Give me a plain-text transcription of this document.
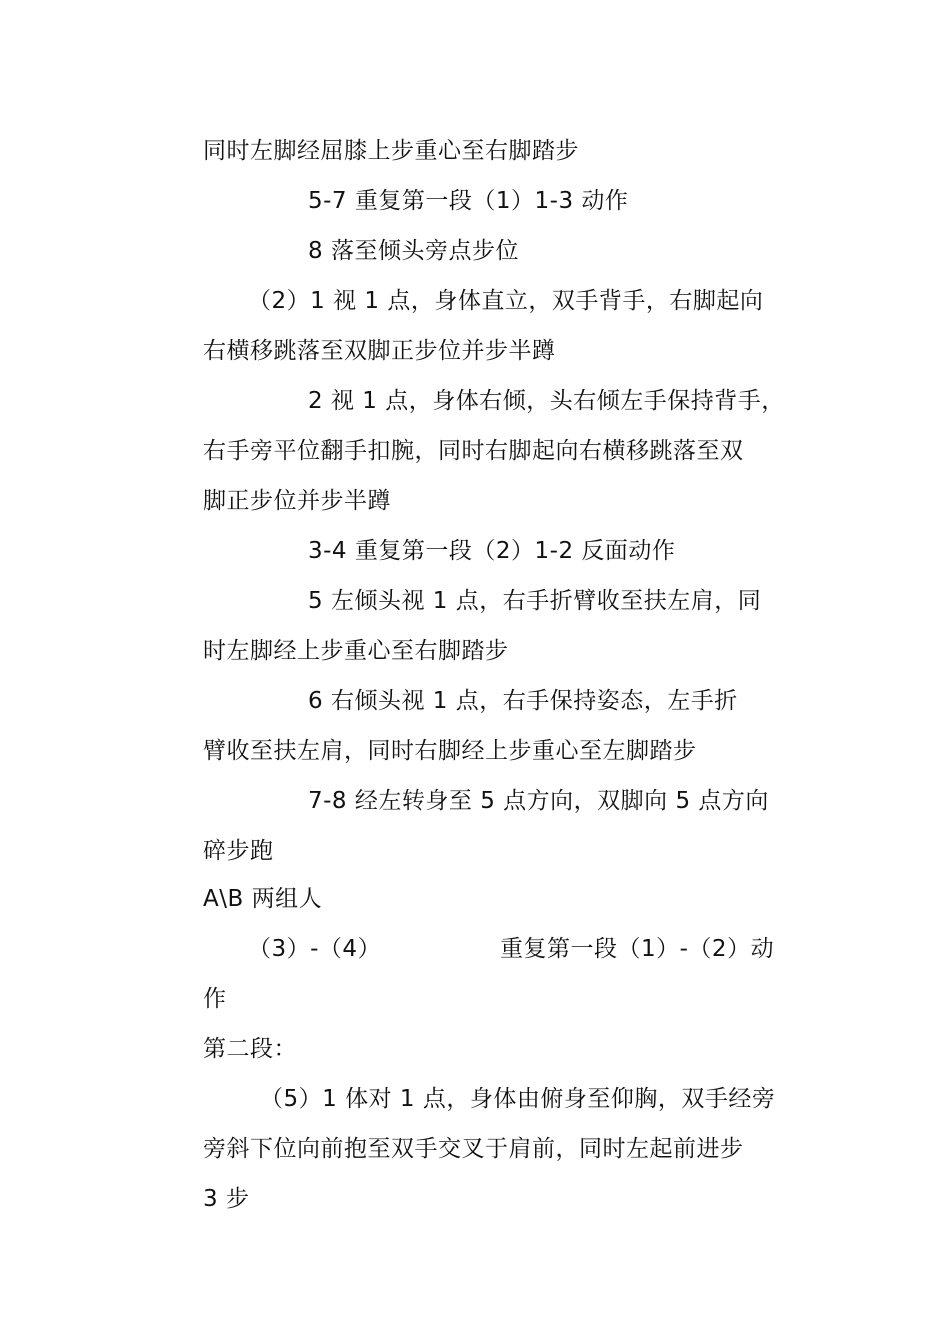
同时左脚经屈膝上步重心至右脚踏步
5-7 重复第一段（1）1-3 动作
8 落至倾头旁点步位
（2）1 视 1 点，身体直立，双手背手，右脚起向
右横移跳落至双脚正步位并步半蹲
2 视 1 点，身体右倾，头右倾左手保持背手，
右手旁平位翻手扣腕，同时右脚起向右横移跳落至双
脚正步位并步半蹲
3-4 重复第一段（2）1-2 反面动作
5 左倾头视 1 点，右手折臂收至扶左肩，同
时左脚经上步重心至右脚踏步
6 右倾头视 1 点，右手保持姿态，左手折
臂收至扶左肩，同时右脚经上步重心至左脚踏步
7-8 经左转身至 5 点方向，双脚向 5 点方向
碎步跑
A\B 两组人
（3）-（4）	重复第一段（1）-（2）动
作
第二段：
（5）1 体对 1 点，身体由俯身至仰胸，双手经旁
旁斜下位向前抱至双手交叉于肩前，同时左起前进步
3 步
